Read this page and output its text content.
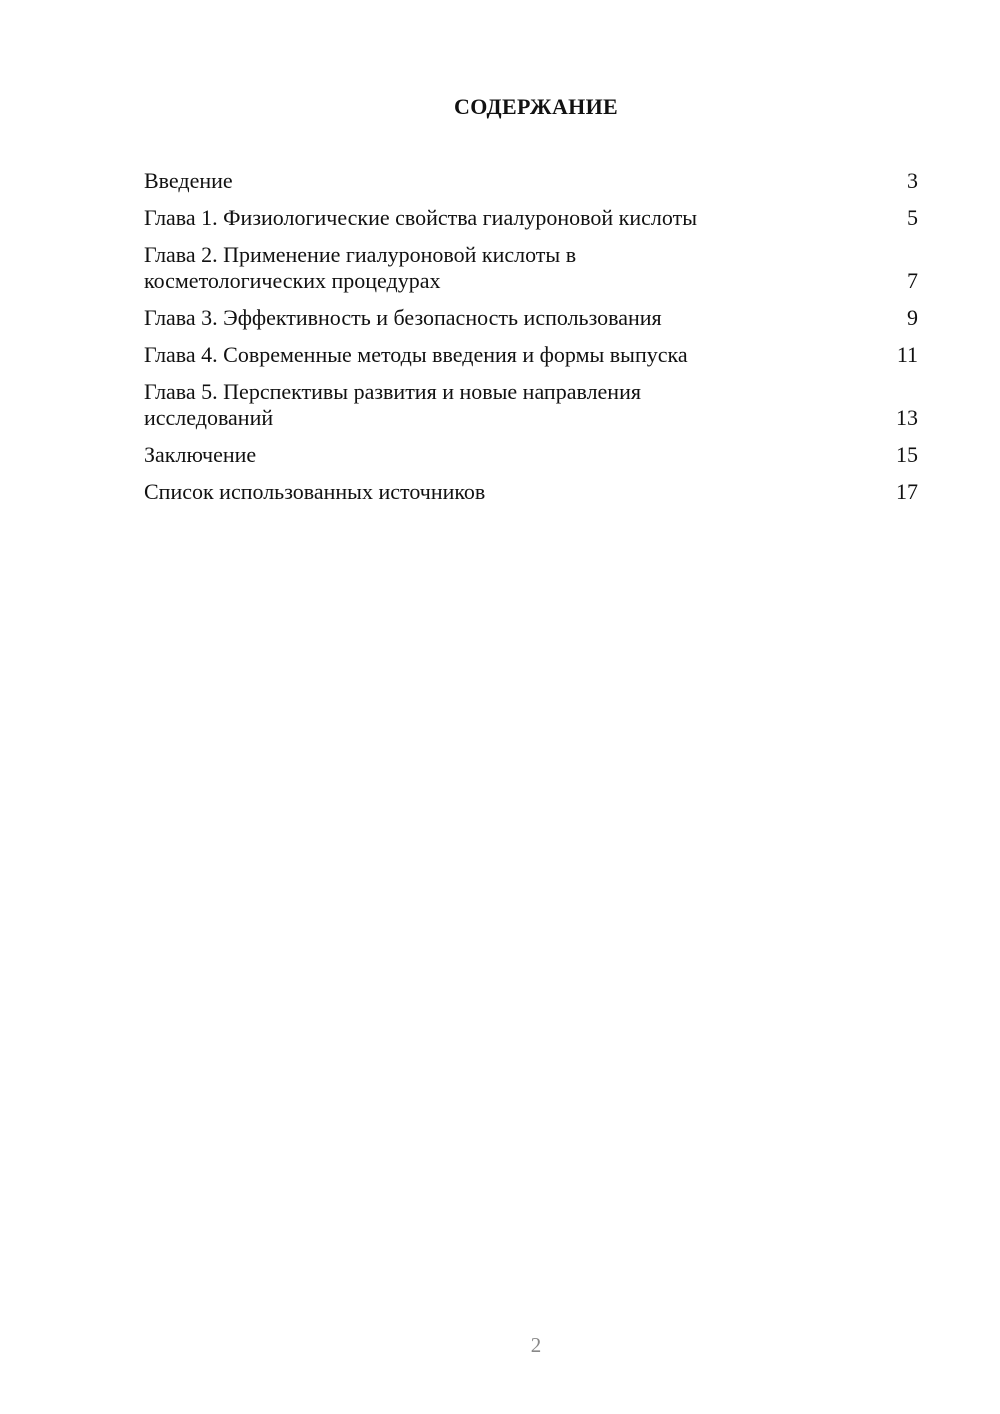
СОДЕРЖАНИЕ
Введение	3
Глава 1. Физиологические свойства гиалуроновой кислоты	5
Глава 2. Применение гиалуроновой кислоты в косметологических процедурах	7
Глава 3. Эффективность и безопасность использования	9
Глава 4. Современные методы введения и формы выпуска	11
Глава 5. Перспективы развития и новые направления исследований	13
Заключение	15
Список использованных источников	17
2
